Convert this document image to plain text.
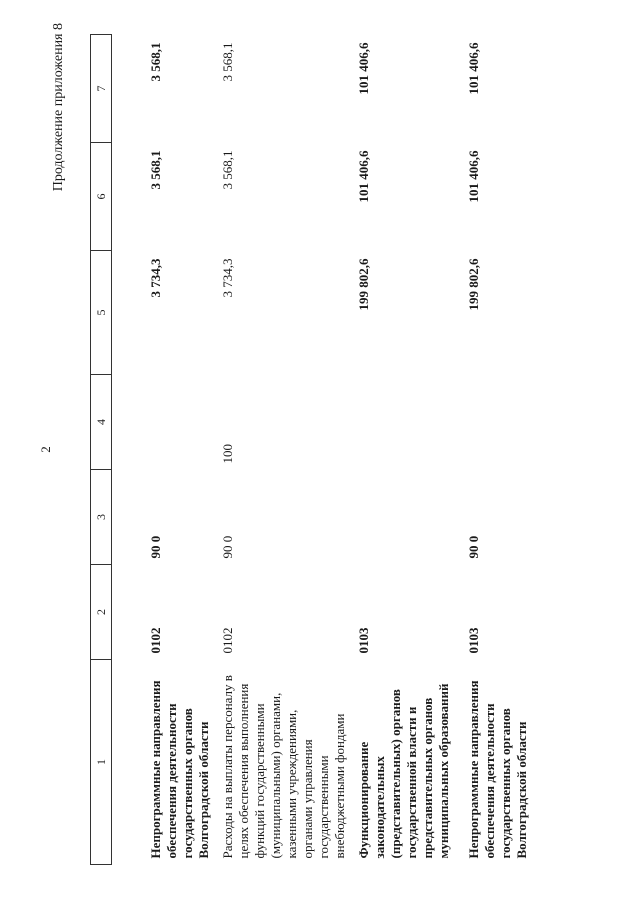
2
Продолжение приложения 8
1	2	3	4	5	6	7
Непрограммные направления обеспечения деятельности государственных органов Волгоградской области	0102	90 0		3 734,3	3 568,1	3 568,1
Расходы на выплаты персоналу в целях обеспечения выполнения функций государственными (муниципальными) органами, казенными учреждениями, органами управления государственными внебюджетными фондами	0102	90 0	100	3 734,3	3 568,1	3 568,1
Функционирование законодательных (представительных) органов государственной власти и представительных органов муниципальных образований	0103			199 802,6	101 406,6	101 406,6
Непрограммные направления обеспечения деятельности государственных органов Волгоградской области	0103	90 0		199 802,6	101 406,6	101 406,6
